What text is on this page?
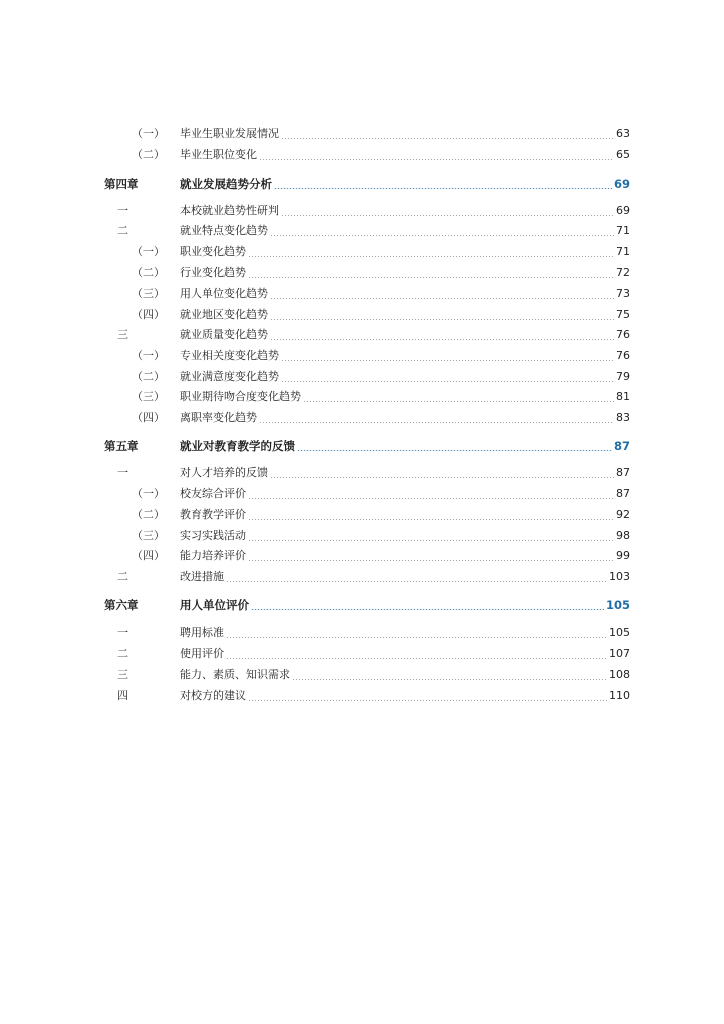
（一） 毕业生职业发展情况	63
（二） 毕业生职位变化	65
第四章	就业发展趋势分析	69
一	本校就业趋势性研判	69
二	就业特点变化趋势	71
（一） 职业变化趋势	71
（二） 行业变化趋势	72
（三） 用人单位变化趋势	73
（四） 就业地区变化趋势	75
三	就业质量变化趋势	76
（一） 专业相关度变化趋势	76
（二） 就业满意度变化趋势	79
（三） 职业期待吻合度变化趋势	81
（四） 离职率变化趋势	83
第五章	就业对教育教学的反馈	87
一	对人才培养的反馈	87
（一） 校友综合评价	87
（二） 教育教学评价	92
（三） 实习实践活动	98
（四） 能力培养评价	99
二	改进措施	103
第六章	用人单位评价	105
一	聘用标准	105
二	使用评价	107
三	能力、素质、知识需求	108
四	对校方的建议	110
